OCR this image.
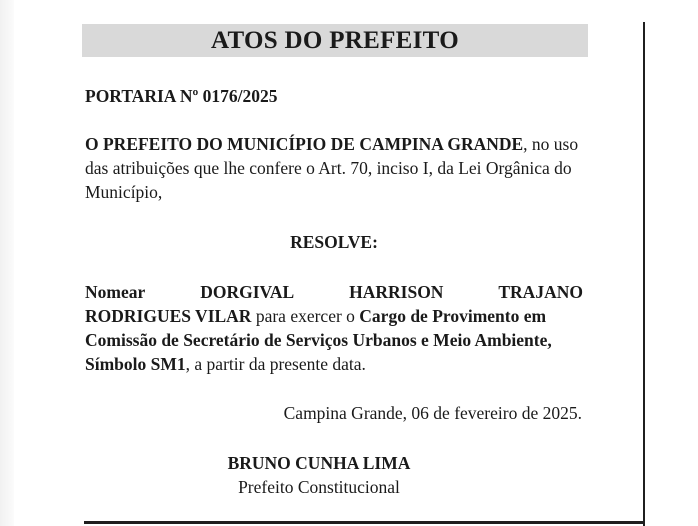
ATOS DO PREFEITO
PORTARIA Nº 0176/2025
O PREFEITO DO MUNICÍPIO DE CAMPINA GRANDE, no uso das atribuições que lhe confere o Art. 70, inciso I, da Lei Orgânica do Município,
RESOLVE:
Nomear	DORGIVAL	HARRISON	TRAJANO
RODRIGUES VILAR para exercer o Cargo de Provimento em Comissão de Secretário de Serviços Urbanos e Meio Ambiente, Símbolo SM1, a partir da presente data.
Campina Grande, 06 de fevereiro de 2025.
BRUNO CUNHA LIMA
Prefeito Constitucional
